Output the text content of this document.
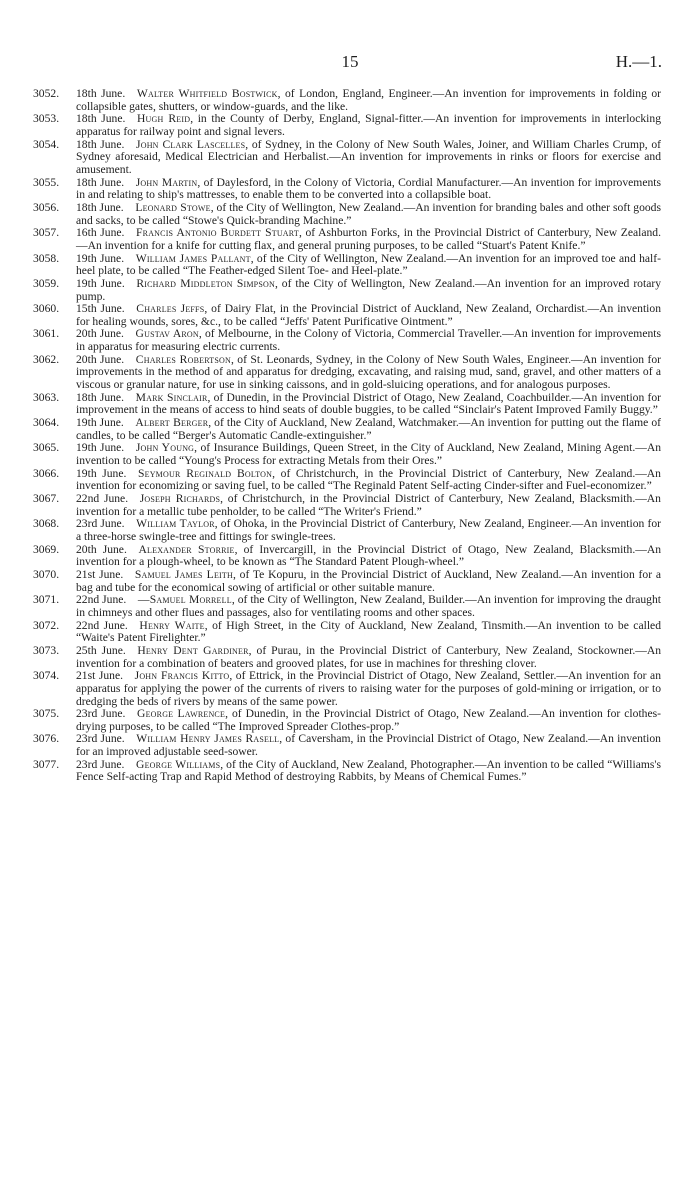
15	H.—1.
3052.	18th June.  Walter Whitfield Bostwick, of London, England, Engineer.—An invention for improvements in folding or collapsible gates, shutters, or window-guards, and the like.
3053.	18th June.  Hugh Reid, in the County of Derby, England, Signal-fitter.—An invention for improvements in interlocking apparatus for railway point and signal levers.
3054.	18th June.  John Clark Lascelles, of Sydney, in the Colony of New South Wales, Joiner, and William Charles Crump, of Sydney aforesaid, Medical Electrician and Herbalist.—An invention for improvements in rinks or floors for exercise and amusement.
3055.	18th June.  John Martin, of Daylesford, in the Colony of Victoria, Cordial Manufacturer.—An invention for improvements in and relating to ship's mattresses, to enable them to be converted into a collapsible boat.
3056.	18th June.  Leonard Stowe, of the City of Wellington, New Zealand.—An invention for branding bales and other soft goods and sacks, to be called “Stowe's Quick-branding Machine.”
3057.	16th June.  Francis Antonio Burdett Stuart, of Ashburton Forks, in the Provincial District of Canterbury, New Zealand.—An invention for a knife for cutting flax, and general pruning purposes, to be called “Stuart's Patent Knife.”
3058.	19th June.  William James Pallant, of the City of Wellington, New Zealand.—An invention for an improved toe and half-heel plate, to be called “The Feather-edged Silent Toe- and Heel-plate.”
3059.	19th June.  Richard Middleton Simpson, of the City of Wellington, New Zealand.—An invention for an improved rotary pump.
3060.	15th June.  Charles Jeffs, of Dairy Flat, in the Provincial District of Auckland, New Zealand, Orchardist.—An invention for healing wounds, sores, &c., to be called “Jeffs' Patent Purificative Ointment.”
3061.	20th June.  Gustav Aron, of Melbourne, in the Colony of Victoria, Commercial Traveller.—An invention for improvements in apparatus for measuring electric currents.
3062.	20th June.  Charles Robertson, of St. Leonards, Sydney, in the Colony of New South Wales, Engineer.—An invention for improvements in the method of and apparatus for dredging, excavating, and raising mud, sand, gravel, and other matters of a viscous or granular nature, for use in sinking caissons, and in gold-sluicing operations, and for analogous purposes.
3063.	18th June.  Mark Sinclair, of Dunedin, in the Provincial District of Otago, New Zealand, Coachbuilder.—An invention for improvement in the means of access to hind seats of double buggies, to be called “Sinclair's Patent Improved Family Buggy.”
3064.	19th June.  Albert Berger, of the City of Auckland, New Zealand, Watchmaker.—An invention for putting out the flame of candles, to be called “Berger's Automatic Candle-extinguisher.”
3065.	19th June.  John Young, of Insurance Buildings, Queen Street, in the City of Auckland, New Zealand, Mining Agent.—An invention to be called “Young's Process for extracting Metals from their Ores.”
3066.	19th June.  Seymour Reginald Bolton, of Christchurch, in the Provincial District of Canterbury, New Zealand.—An invention for economizing or saving fuel, to be called “The Reginald Patent Self-acting Cinder-sifter and Fuel-economizer.”
3067.	22nd June.  Joseph Richards, of Christchurch, in the Provincial District of Canterbury, New Zealand, Blacksmith.—An invention for a metallic tube penholder, to be called “The Writer's Friend.”
3068.	23rd June.  William Taylor, of Ohoka, in the Provincial District of Canterbury, New Zealand, Engineer.—An invention for a three-horse swingle-tree and fittings for swingle-trees.
3069.	20th June.  Alexander Storrie, of Invercargill, in the Provincial District of Otago, New Zealand, Blacksmith.—An invention for a plough-wheel, to be known as “The Standard Patent Plough-wheel.”
3070.	21st June.  Samuel James Leith, of Te Kopuru, in the Provincial District of Auckland, New Zealand.—An invention for a bag and tube for the economical sowing of artificial or other suitable manure.
3071.	22nd June.  —Samuel Morrell, of the City of Wellington, New Zealand, Builder.—An invention for improving the draught in chimneys and other flues and passages, also for ventilating rooms and other spaces.
3072.	22nd June.  Henry Waite, of High Street, in the City of Auckland, New Zealand, Tinsmith.—An invention to be called “Waite's Patent Firelighter.”
3073.	25th June.  Henry Dent Gardiner, of Purau, in the Provincial District of Canterbury, New Zealand, Stockowner.—An invention for a combination of beaters and grooved plates, for use in machines for threshing clover.
3074.	21st June.  John Francis Kitto, of Ettrick, in the Provincial District of Otago, New Zealand, Settler.—An invention for an apparatus for applying the power of the currents of rivers to raising water for the purposes of gold-mining or irrigation, or to dredging the beds of rivers by means of the same power.
3075.	23rd June.  George Lawrence, of Dunedin, in the Provincial District of Otago, New Zealand.—An invention for clothes-drying purposes, to be called “The Improved Spreader Clothes-prop.”
3076.	23rd June.  William Henry James Rasell, of Caversham, in the Provincial District of Otago, New Zealand.—An invention for an improved adjustable seed-sower.
3077.	23rd June.  George Williams, of the City of Auckland, New Zealand, Photographer.—An invention to be called “Williams's Fence Self-acting Trap and Rapid Method of destroying Rabbits, by Means of Chemical Fumes.”
